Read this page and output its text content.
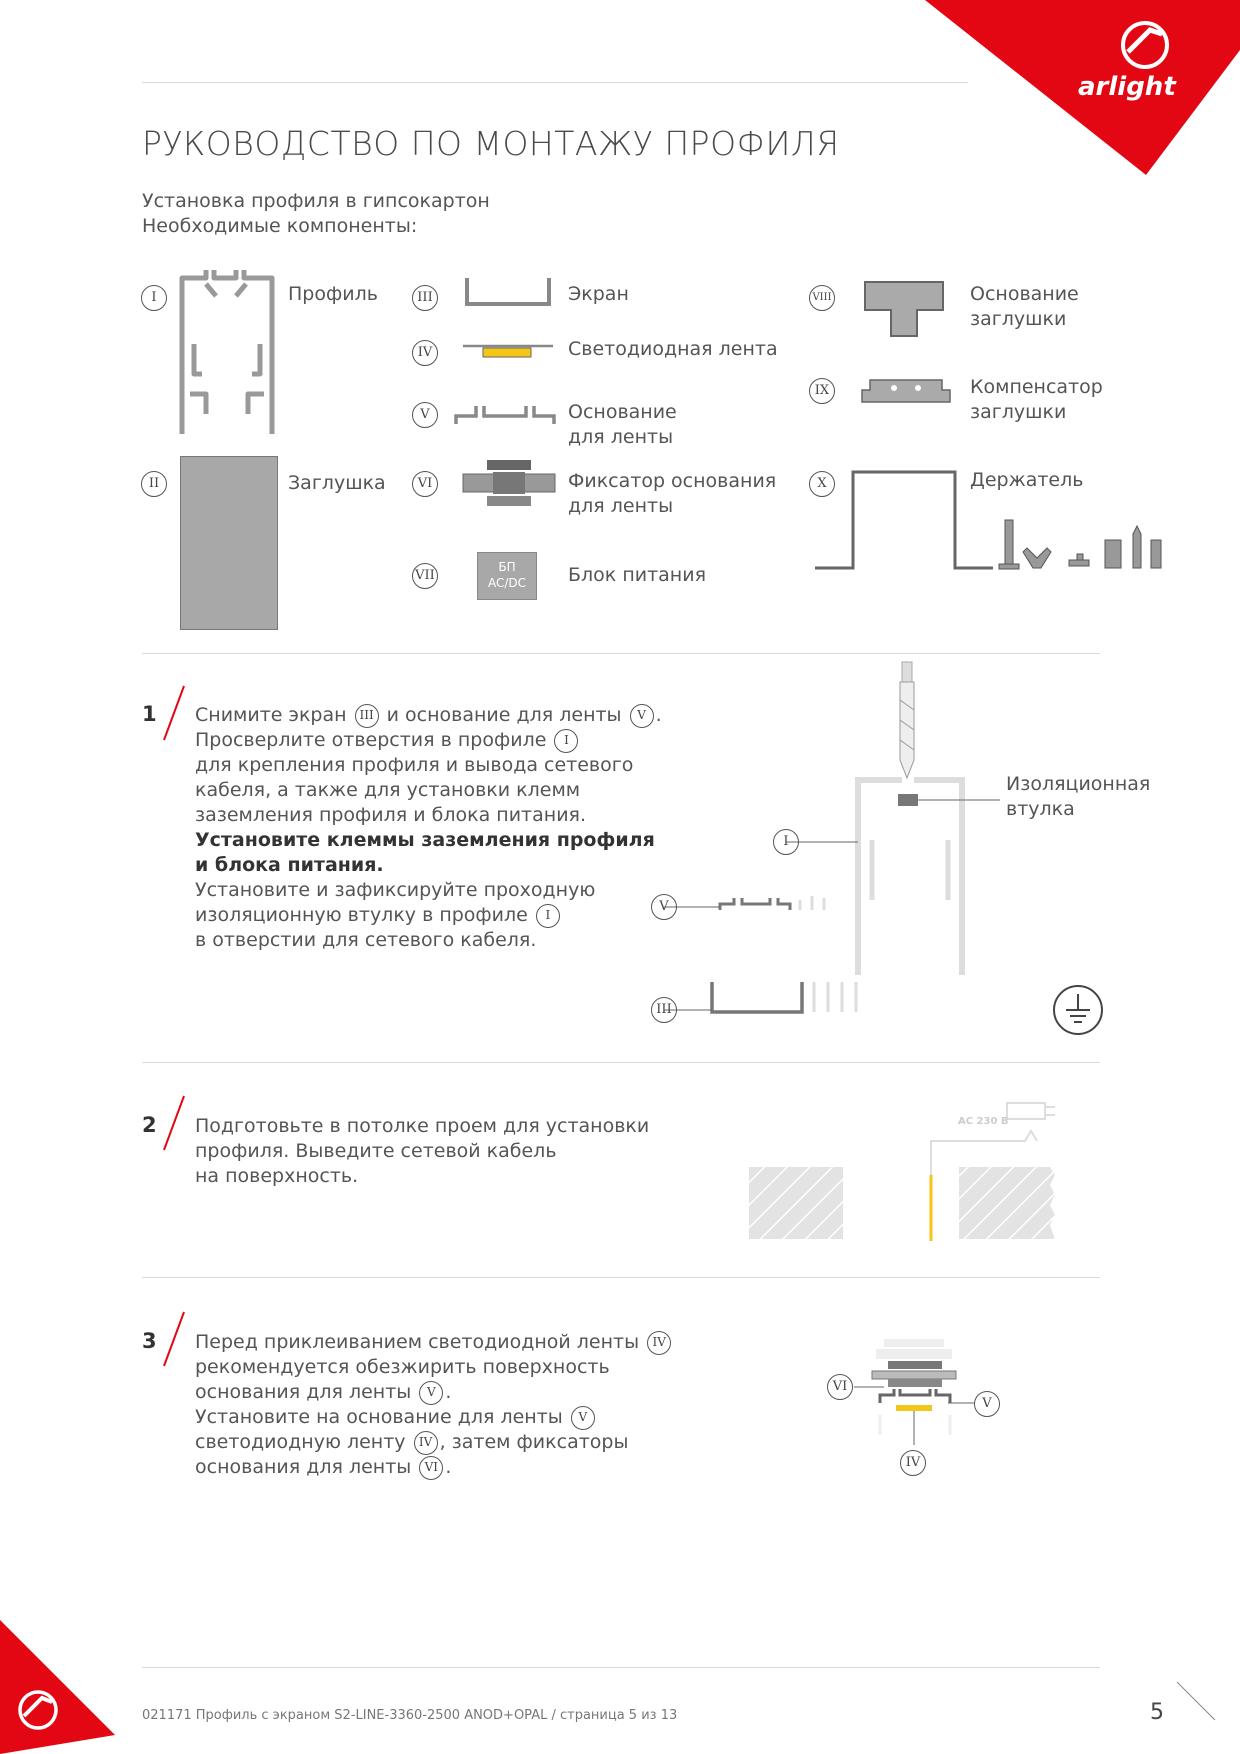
arlight
РУКОВОДСТВО ПО МОНТАЖУ ПРОФИЛЯ
Установка профиля в гипсокартон
Необходимые компоненты:
I	Профиль
II	Заглушка
III	Экран
IV	Светодиодная лента
V	Основание
для ленты
VI	Фиксатор основания
для ленты
VII
БП
AC/DC	Блок питания
VIII	Основание
заглушки
IX	Компенсатор
заглушки
X	Держатель
1 Снимите экран III и основание для ленты V .
Просверлите отверстия в профиле I
для крепления профиля и вывода сетевого
кабеля, а также для установки клемм
заземления профиля и блока питания.
Установите клеммы заземления профиля
и блока питания.
Установите и зафиксируйте проходную
изоляционную втулку в профиле I
в отверстии для сетевого кабеля.
I
V
III
Изоляционная
втулка
2 Подготовьте в потолке проем для установки
профиля. Выведите сетевой кабель
на поверхность.
AC 230 В
3 Перед приклеиванием светодиодной ленты IV
рекомендуется обезжирить поверхность
основания для ленты V .
Установите на основание для ленты V
светодиодную ленту IV , затем фиксаторы
основания для ленты VI .
VI
V
IV
021171 Профиль с экраном S2-LINE-3360-2500 ANOD+OPAL / страница 5 из 13	5
